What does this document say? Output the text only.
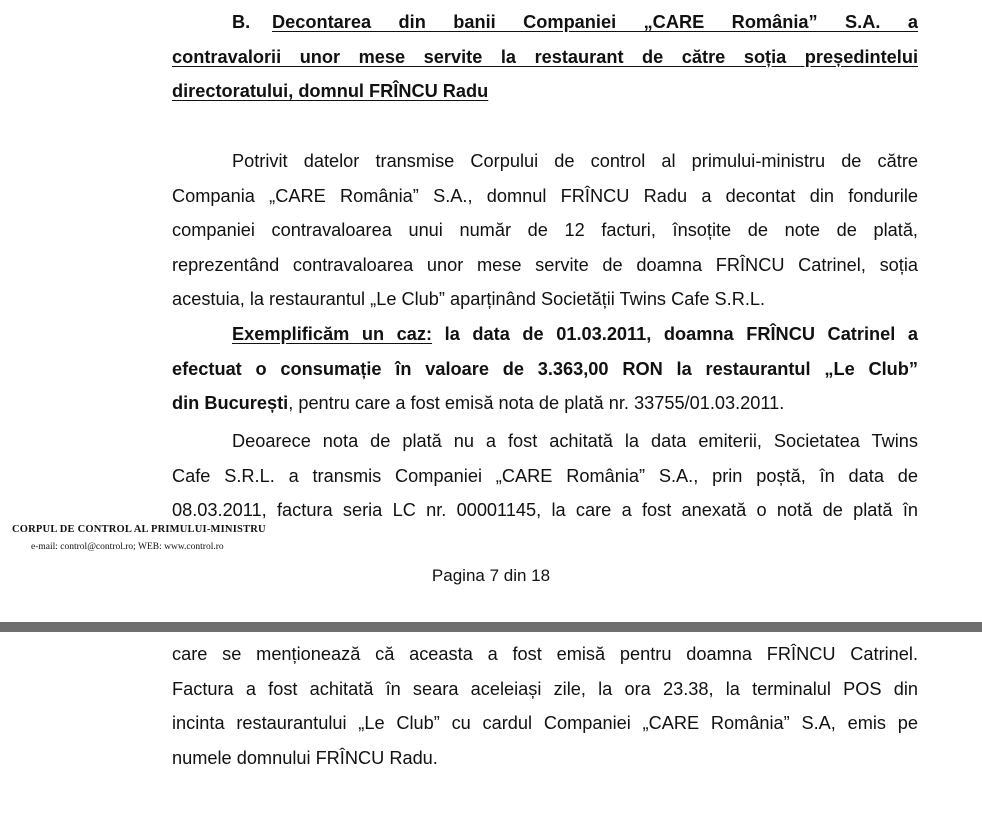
B. Decontarea din banii Companiei „CARE România” S.A. a
contravalorii unor mese servite la restaurant de către soția președintelui
directoratului, domnul FRÎNCU Radu
Potrivit datelor transmise Corpului de control al primului-ministru de către
Compania „CARE România” S.A., domnul FRÎNCU Radu a decontat din fondurile
companiei contravaloarea unui număr de 12 facturi, însoțite de note de plată,
reprezentând contravaloarea unor mese servite de doamna FRÎNCU Catrinel, soția
acestuia, la restaurantul „Le Club” aparținând Societății Twins Cafe S.R.L.
Exemplificăm un caz: la data de 01.03.2011, doamna FRÎNCU Catrinel a
efectuat o consumație în valoare de 3.363,00 RON la restaurantul „Le Club”
din București, pentru care a fost emisă nota de plată nr. 33755/01.03.2011.
Deoarece nota de plată nu a fost achitată la data emiterii, Societatea Twins
Cafe S.R.L. a transmis Companiei „CARE România” S.A., prin poștă, în data de
08.03.2011, factura seria LC nr. 00001145, la care a fost anexată o notă de plată în
CORPUL DE CONTROL AL PRIMULUI-MINISTRU
e-mail: control@control.ro; WEB: www.control.ro
Pagina 7 din 18
care se menționează că aceasta a fost emisă pentru doamna FRÎNCU Catrinel.
Factura a fost achitată în seara aceleiași zile, la ora 23.38, la terminalul POS din
incinta restaurantului „Le Club” cu cardul Companiei „CARE România” S.A, emis pe
numele domnului FRÎNCU Radu.
